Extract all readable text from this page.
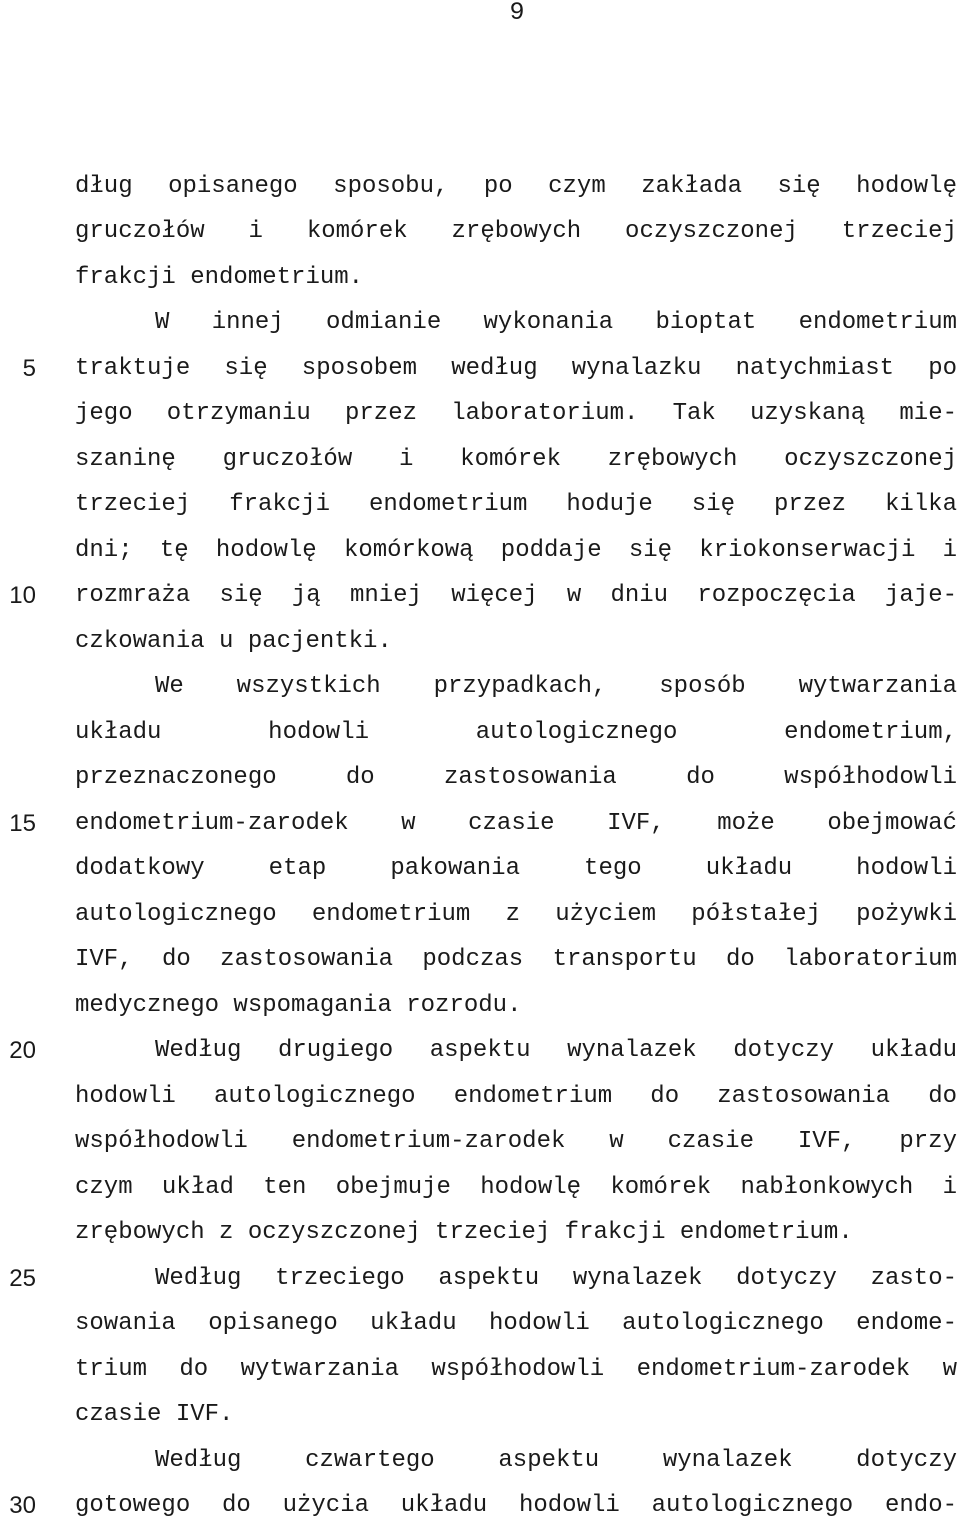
9
dług opisanego sposobu, po czym zakłada się hodowlę
gruczołów i komórek zrębowych oczyszczonej trzeciej
frakcji endometrium.
W innej odmianie wykonania bioptat endometrium
traktuje się sposobem według wynalazku natychmiast po
jego otrzymaniu przez laboratorium. Tak uzyskaną mie-
szaninę gruczołów i komórek zrębowych oczyszczonej
trzeciej frakcji endometrium hoduje się przez kilka
dni; tę hodowlę komórkową poddaje się kriokonserwacji i
rozmraża się ją mniej więcej w dniu rozpoczęcia jaje-
czkowania u pacjentki.
We wszystkich przypadkach, sposób wytwarzania
układu hodowli autologicznego endometrium,
przeznaczonego do zastosowania do współhodowli
endometrium-zarodek w czasie IVF, może obejmować
dodatkowy etap pakowania tego układu hodowli
autologicznego endometrium z użyciem półstałej pożywki
IVF, do zastosowania podczas transportu do laboratorium
medycznego wspomagania rozrodu.
Według drugiego aspektu wynalazek dotyczy układu
hodowli autologicznego endometrium do zastosowania do
współhodowli endometrium-zarodek w czasie IVF, przy
czym układ ten obejmuje hodowlę komórek nabłonkowych i
zrębowych z oczyszczonej trzeciej frakcji endometrium.
Według trzeciego aspektu wynalazek dotyczy zasto-
sowania opisanego układu hodowli autologicznego endome-
trium do wytwarzania współhodowli endometrium-zarodek w
czasie IVF.
Według czwartego aspektu wynalazek dotyczy
gotowego do użycia układu hodowli autologicznego endo-
5
10
15
20
25
30
